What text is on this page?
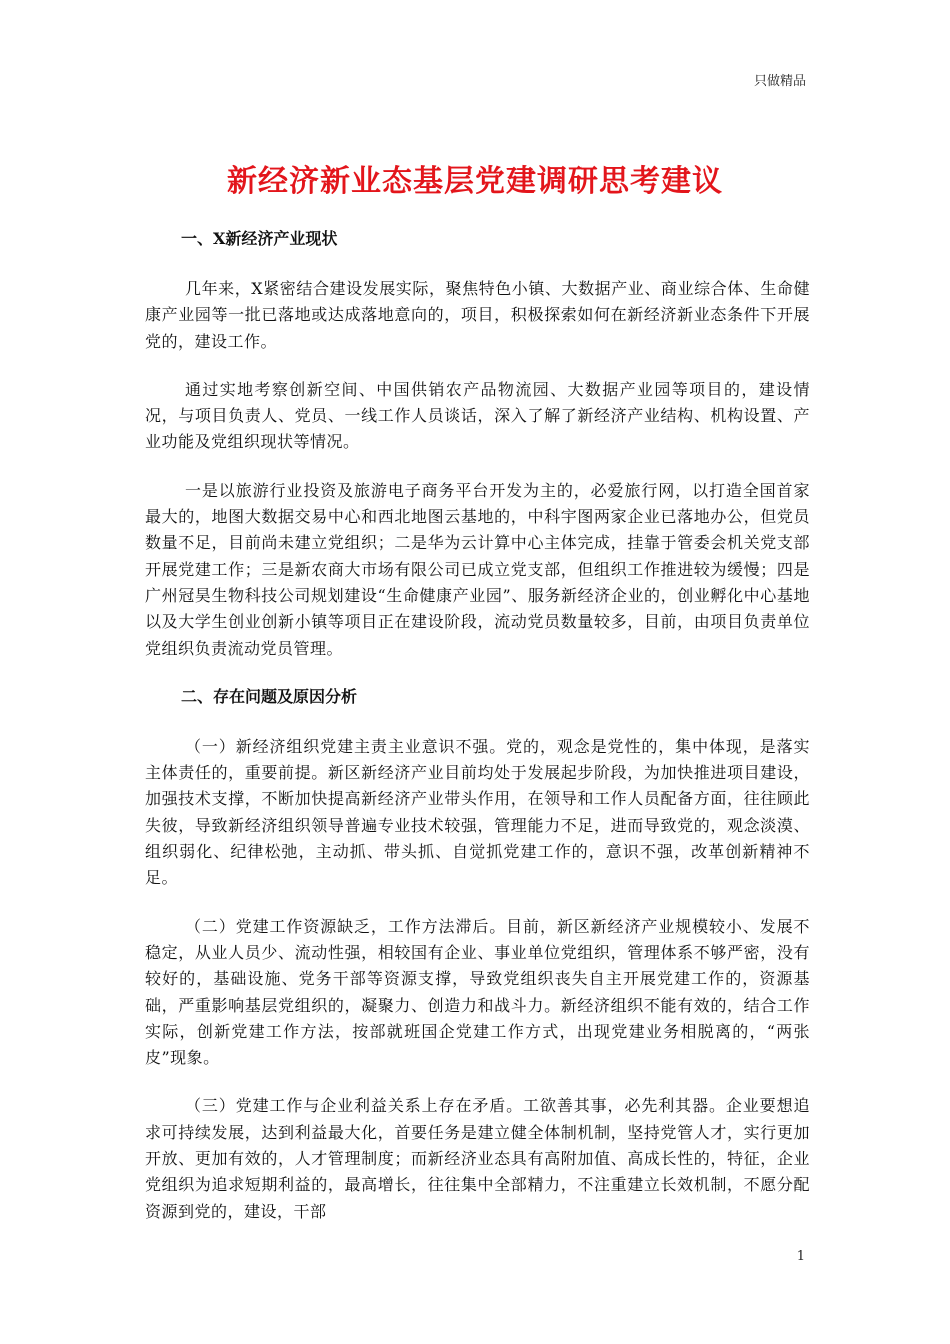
只做精品
新经济新业态基层党建调研思考建议
一、X新经济产业现状

几年来，X紧密结合建设发展实际，聚焦特色小镇、大数据产业、商业综合体、生命健康产业园等一批已落地或达成落地意向的，项目，积极探索如何在新经济新业态条件下开展党的，建设工作。

通过实地考察创新空间、中国供销农产品物流园、大数据产业园等项目的，建设情况，与项目负责人、党员、一线工作人员谈话，深入了解了新经济产业结构、机构设置、产业功能及党组织现状等情况。

一是以旅游行业投资及旅游电子商务平台开发为主的，必爱旅行网，以打造全国首家最大的，地图大数据交易中心和西北地图云基地的，中科宇图两家企业已落地办公，但党员数量不足，目前尚未建立党组织；二是华为云计算中心主体完成，挂靠于管委会机关党支部开展党建工作；三是新农商大市场有限公司已成立党支部，但组织工作推进较为缓慢；四是广州冠昊生物科技公司规划建设“生命健康产业园”、服务新经济企业的，创业孵化中心基地以及大学生创业创新小镇等项目正在建设阶段，流动党员数量较多，目前，由项目负责单位党组织负责流动党员管理。

二、存在问题及原因分析

（一）新经济组织党建主责主业意识不强。党的，观念是党性的，集中体现，是落实主体责任的，重要前提。新区新经济产业目前均处于发展起步阶段，为加快推进项目建设，加强技术支撑，不断加快提高新经济产业带头作用，在领导和工作人员配备方面，往往顾此失彼，导致新经济组织领导普遍专业技术较强，管理能力不足，进而导致党的，观念淡漠、组织弱化、纪律松弛，主动抓、带头抓、自觉抓党建工作的，意识不强，改革创新精神不足。

（二）党建工作资源缺乏，工作方法滞后。目前，新区新经济产业规模较小、发展不稳定，从业人员少、流动性强，相较国有企业、事业单位党组织，管理体系不够严密，没有较好的，基础设施、党务干部等资源支撑，导致党组织丧失自主开展党建工作的，资源基础，严重影响基层党组织的，凝聚力、创造力和战斗力。新经济组织不能有效的，结合工作实际，创新党建工作方法，按部就班国企党建工作方式，出现党建业务相脱离的，“两张皮”现象。

（三）党建工作与企业利益关系上存在矛盾。工欲善其事，必先利其器。企业要想追求可持续发展，达到利益最大化，首要任务是建立健全体制机制，坚持党管人才，实行更加开放、更加有效的，人才管理制度；而新经济业态具有高附加值、高成长性的，特征，企业党组织为追求短期利益的，最高增长，往往集中全部精力，不注重建立长效机制，不愿分配资源到党的，建设，干部

1
